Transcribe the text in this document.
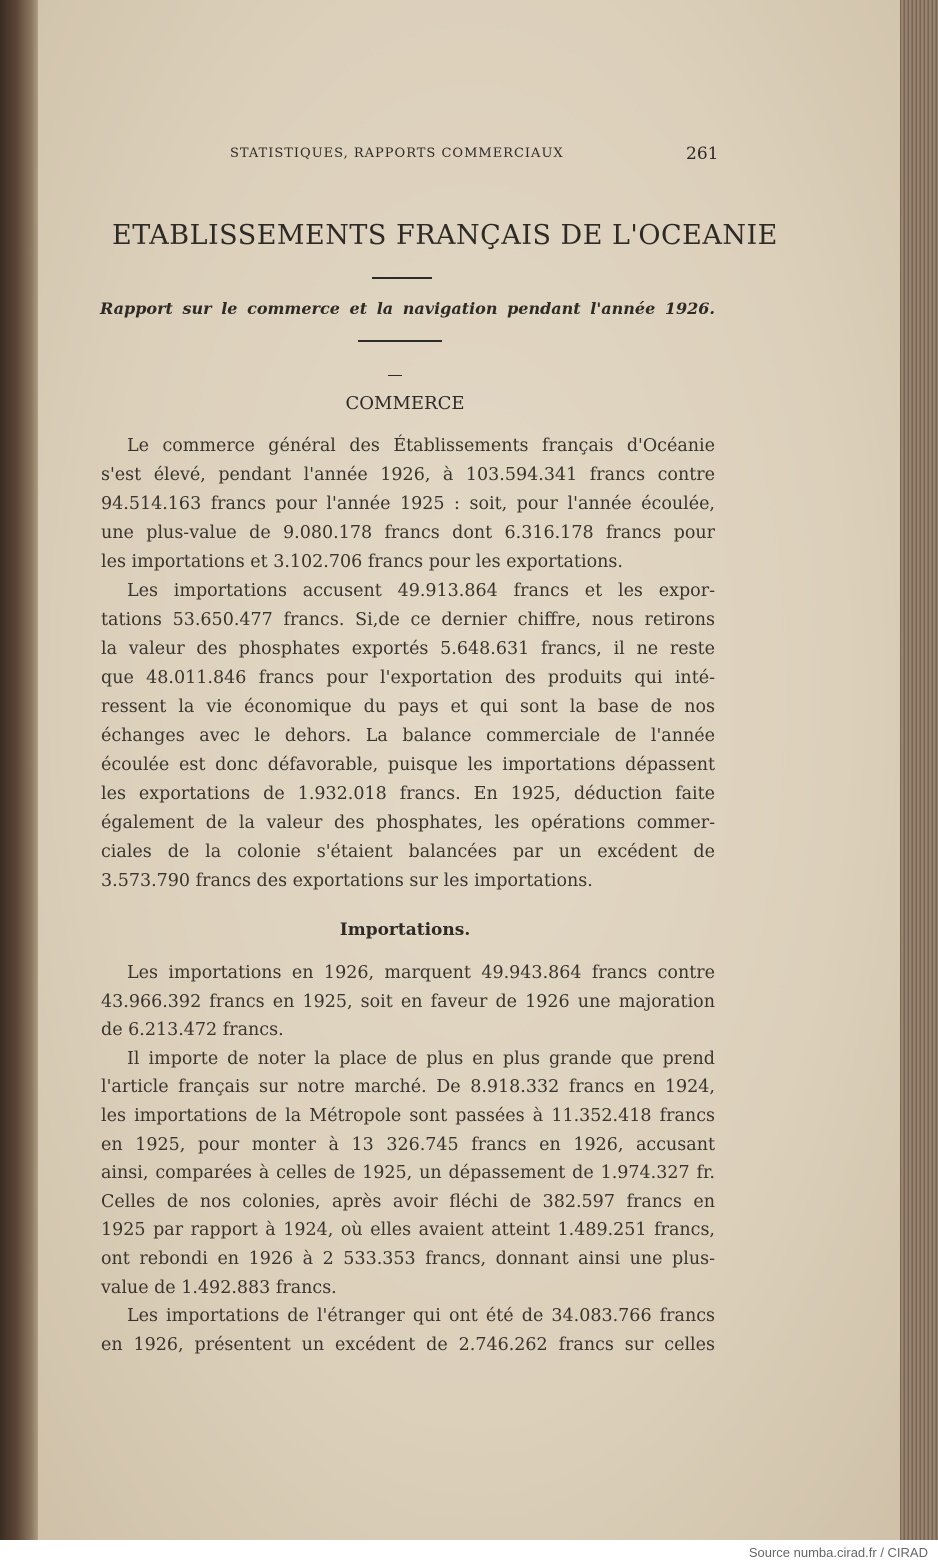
STATISTIQUES, RAPPORTS COMMERCIAUX	261
ETABLISSEMENTS FRANÇAIS DE L'OCEANIE
Rapport sur le commerce et la navigation pendant l'année 1926.
COMMERCE
Le commerce général des Établissements français d'Océanie
s'est élevé, pendant l'année 1926, à 103.594.341 francs contre
94.514.163 francs pour l'année 1925 : soit, pour l'année écoulée,
une plus-value de 9.080.178 francs dont 6.316.178 francs pour
les importations et 3.102.706 francs pour les exportations.
Les importations accusent 49.913.864 francs et les expor-
tations 53.650.477 francs. Si,de ce dernier chiffre, nous retirons
la valeur des phosphates exportés 5.648.631 francs, il ne reste
que 48.011.846 francs pour l'exportation des produits qui inté-
ressent la vie économique du pays et qui sont la base de nos
échanges avec le dehors. La balance commerciale de l'année
écoulée est donc défavorable, puisque les importations dépassent
les exportations de 1.932.018 francs. En 1925, déduction faite
également de la valeur des phosphates, les opérations commer-
ciales de la colonie s'étaient balancées par un excédent de
3.573.790 francs des exportations sur les importations.
Importations.
Les importations en 1926, marquent 49.943.864 francs contre
43.966.392 francs en 1925, soit en faveur de 1926 une majoration
de 6.213.472 francs.
Il importe de noter la place de plus en plus grande que prend
l'article français sur notre marché. De 8.918.332 francs en 1924,
les importations de la Métropole sont passées à 11.352.418 francs
en 1925, pour monter à 13 326.745 francs en 1926, accusant
ainsi, comparées à celles de 1925, un dépassement de 1.974.327 fr.
Celles de nos colonies, après avoir fléchi de 382.597 francs en
1925 par rapport à 1924, où elles avaient atteint 1.489.251 francs,
ont rebondi en 1926 à 2 533.353 francs, donnant ainsi une plus-
value de 1.492.883 francs.
Les importations de l'étranger qui ont été de 34.083.766 francs
en 1926, présentent un excédent de 2.746.262 francs sur celles
Source numba.cirad.fr / CIRAD
